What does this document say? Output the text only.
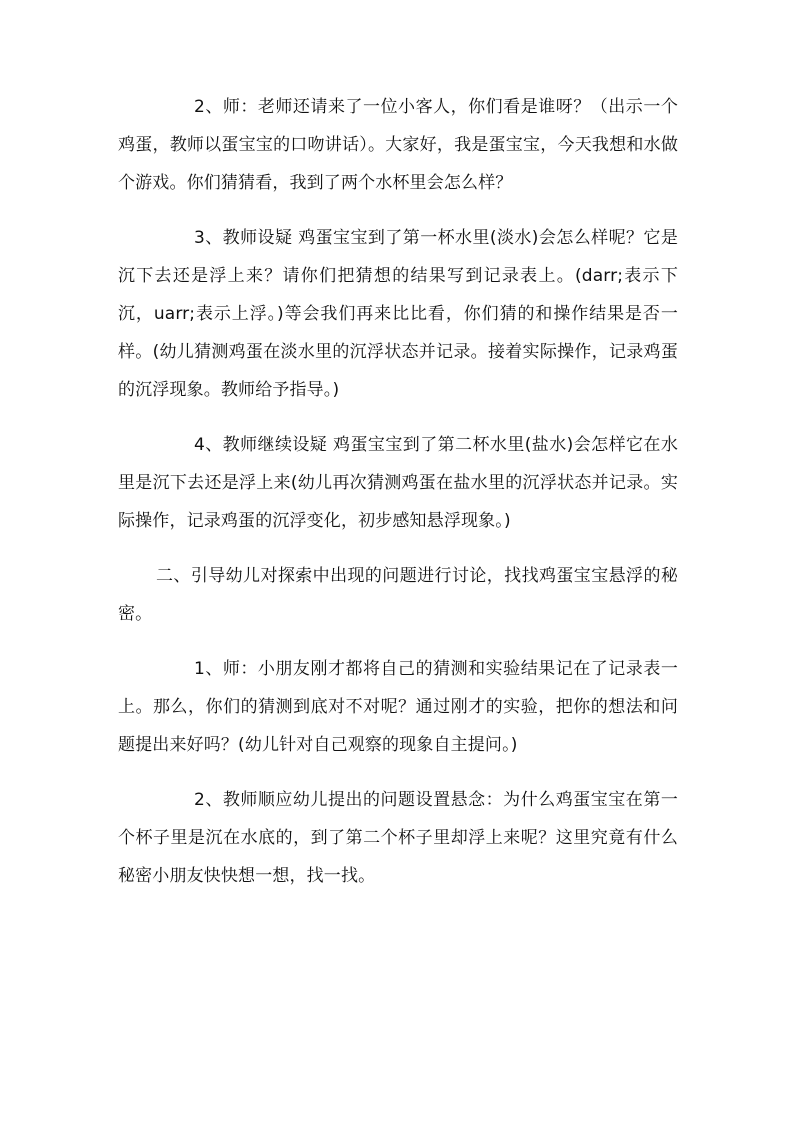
2、师：老师还请来了一位小客人，你们看是谁呀？（出示一个鸡蛋，教师以蛋宝宝的口吻讲话）。大家好，我是蛋宝宝，今天我想和水做个游戏。你们猜猜看，我到了两个水杯里会怎么样？

3、教师设疑 鸡蛋宝宝到了第一杯水里(淡水)会怎么样呢？它是沉下去还是浮上来？请你们把猜想的结果写到记录表上。(darr;表示下沉，uarr;表示上浮。)等会我们再来比比看，你们猜的和操作结果是否一样。(幼儿猜测鸡蛋在淡水里的沉浮状态并记录。接着实际操作，记录鸡蛋的沉浮现象。教师给予指导。)

4、教师继续设疑 鸡蛋宝宝到了第二杯水里(盐水)会怎样它在水里是沉下去还是浮上来(幼儿再次猜测鸡蛋在盐水里的沉浮状态并记录。实际操作，记录鸡蛋的沉浮变化，初步感知悬浮现象。)

二、引导幼儿对探索中出现的问题进行讨论，找找鸡蛋宝宝悬浮的秘密。

1、师：小朋友刚才都将自己的猜测和实验结果记在了记录表一上。那么，你们的猜测到底对不对呢？通过刚才的实验，把你的想法和问题提出来好吗？(幼儿针对自己观察的现象自主提问。)

2、教师顺应幼儿提出的问题设置悬念：为什么鸡蛋宝宝在第一个杯子里是沉在水底的，到了第二个杯子里却浮上来呢？这里究竟有什么秘密小朋友快快想一想，找一找。
